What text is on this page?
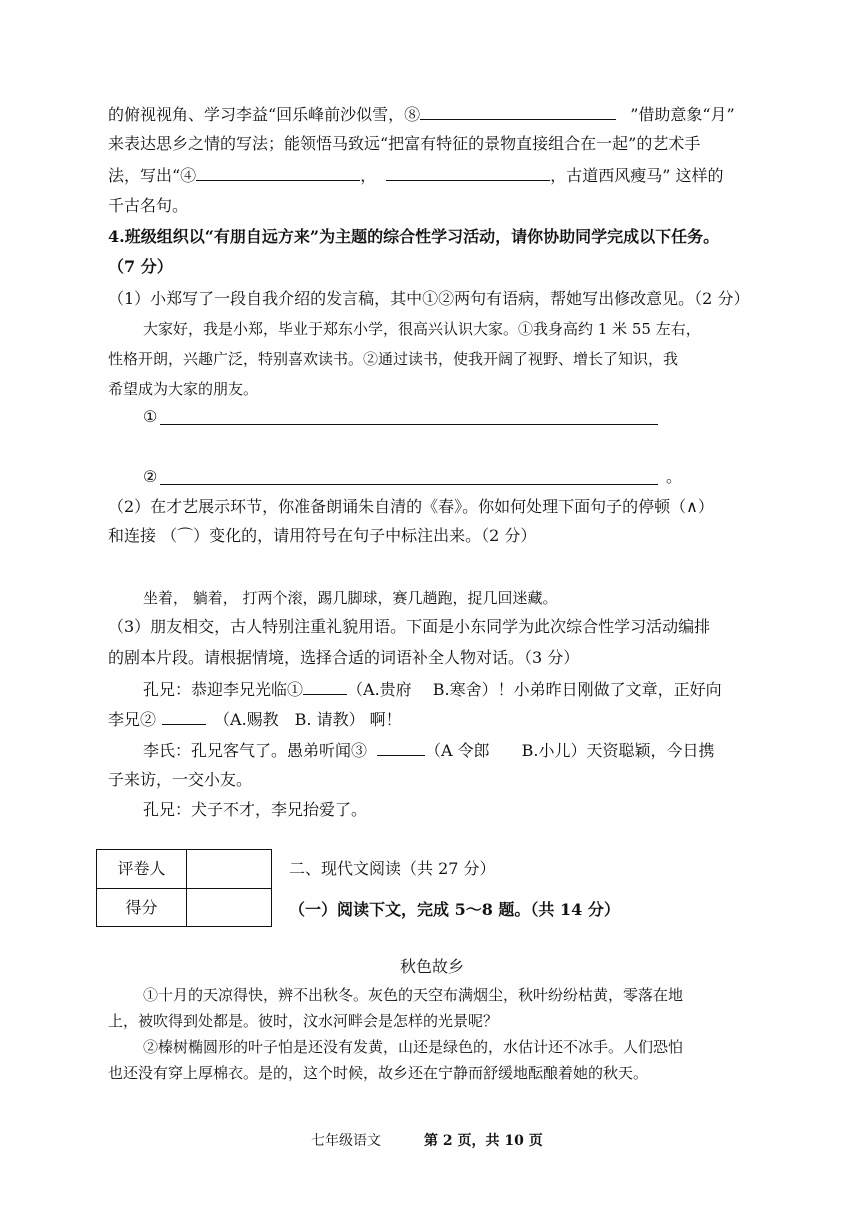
的俯视视角、学习李益“回乐峰前沙似雪，⑧	”借助意象“月”
来表达思乡之情的写法；能领悟马致远“把富有特征的景物直接组合在一起”的艺术手
法，写出“④	，	，古道西风瘦马” 这样的
千古名句。
4.班级组织以“有朋自远方来”为主题的综合性学习活动，请你协助同学完成以下任务。
（7 分）
（1）小郑写了一段自我介绍的发言稿，其中①②两句有语病，帮她写出修改意见。（2 分）
大家好，我是小郑，毕业于郑东小学，很高兴认识大家。①我身高约 1 米 55 左右，
性格开朗，兴趣广泛，特别喜欢读书。②通过读书，使我开阔了视野、增长了知识，我
希望成为大家的朋友。
①
②	。
（2）在才艺展示环节，你准备朗诵朱自清的《春》。你如何处理下面句子的停顿（∧）
和连接 （⌒）变化的，请用符号在句子中标注出来。（2 分）
坐着， 躺着， 打两个滚，踢几脚球，赛几趟跑，捉几回迷藏。
（3）朋友相交，古人特别注重礼貌用语。下面是小东同学为此次综合性学习活动编排
的剧本片段。请根据情境，选择合适的词语补全人物对话。（3 分）
孔兄：恭迎李兄光临①	（A.贵府　 B.寒舍）！小弟昨日刚做了文章，正好向
李兄②	（A.赐教　B. 请教） 啊！
李氏：孔兄客气了。愚弟听闻③	（A 令郎　　B.小儿）天资聪颖，今日携
子来访，一交小友。
孔兄：犬子不才，李兄抬爱了。
评卷人
得分
二、现代文阅读（共 27 分）
（一）阅读下文，完成 5～8 题。（共 14 分）
秋色故乡
①十月的天凉得快，辨不出秋冬。灰色的天空布满烟尘，秋叶纷纷枯黄，零落在地
上，被吹得到处都是。彼时，汶水河畔会是怎样的光景呢？
②榛树椭圆形的叶子怕是还没有发黄，山还是绿色的，水估计还不冰手。人们恐怕
也还没有穿上厚棉衣。是的，这个时候，故乡还在宁静而舒缓地酝酿着她的秋天。
七年级语文	第 2 页，共 10 页
